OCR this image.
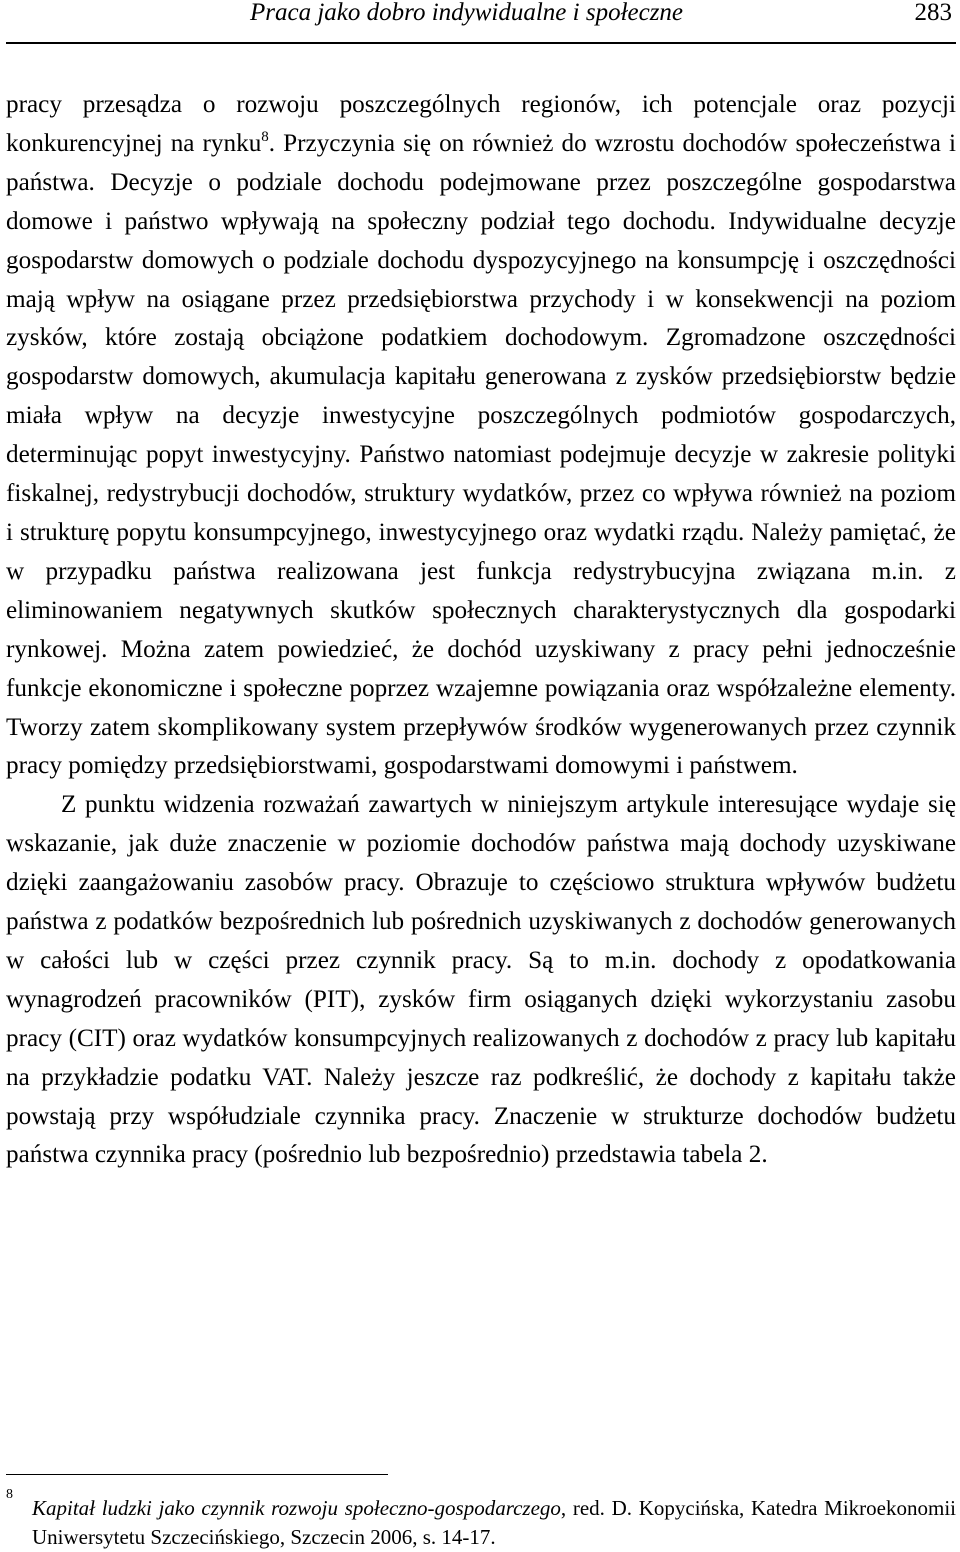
Praca jako dobro indywidualne i społeczne	283

pracy przesądza o rozwoju poszczególnych regionów, ich potencjale oraz pozycji konkurencyjnej na rynku$^8$. Przyczynia się on również do wzrostu dochodów społeczeństwa i państwa. Decyzje o podziale dochodu podejmowane przez poszczególne gospodarstwa domowe i państwo wpływają na społeczny podział tego dochodu. Indywidualne decyzje gospodarstw domowych o podziale dochodu dyspozycyjnego na konsumpcję i oszczędności mają wpływ na osiągane przez przedsiębiorstwa przychody i w konsekwencji na poziom zysków, które zostają obciążone podatkiem dochodowym. Zgromadzone oszczędności gospodarstw domowych, akumulacja kapitału generowana z zysków przedsiębiorstw będzie miała wpływ na decyzje inwestycyjne poszczególnych podmiotów gospodarczych, determinując popyt inwestycyjny. Państwo natomiast podejmuje decyzje w zakresie polityki fiskalnej, redystrybucji dochodów, struktury wydatków, przez co wpływa również na poziom i strukturę popytu konsumpcyjnego, inwestycyjnego oraz wydatki rządu. Należy pamiętać, że w przypadku państwa realizowana jest funkcja redystrybucyjna związana m.in. z eliminowaniem negatywnych skutków społecznych charakterystycznych dla gospodarki rynkowej. Można zatem powiedzieć, że dochód uzyskiwany z pracy pełni jednocześnie funkcje ekonomiczne i społeczne poprzez wzajemne powiązania oraz współzależne elementy. Tworzy zatem skomplikowany system przepływów środków wygenerowanych przez czynnik pracy pomiędzy przedsiębiorstwami, gospodarstwami domowymi i państwem.

Z punktu widzenia rozważań zawartych w niniejszym artykule interesujące wydaje się wskazanie, jak duże znaczenie w poziomie dochodów państwa mają dochody uzyskiwane dzięki zaangażowaniu zasobów pracy. Obrazuje to częściowo struktura wpływów budżetu państwa z podatków bezpośrednich lub pośrednich uzyskiwanych z dochodów generowanych w całości lub w części przez czynnik pracy. Są to m.in. dochody z opodatkowania wynagrodzeń pracowników (PIT), zysków firm osiąganych dzięki wykorzystaniu zasobu pracy (CIT) oraz wydatków konsumpcyjnych realizowanych z dochodów z pracy lub kapitału na przykładzie podatku VAT. Należy jeszcze raz podkreślić, że dochody z kapitału także powstają przy współudziale czynnika pracy. Znaczenie w strukturze dochodów budżetu państwa czynnika pracy (pośrednio lub bezpośrednio) przedstawia tabela 2.

8
Kapitał ludzki jako czynnik rozwoju społeczno-gospodarczego, red. D. Kopycińska, Katedra Mikroekonomii Uniwersytetu Szczecińskiego, Szczecin 2006, s. 14-17.
